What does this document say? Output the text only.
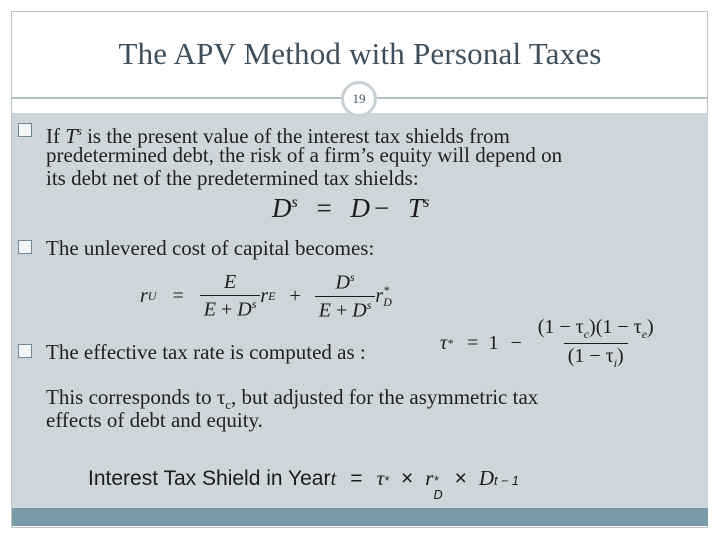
The APV Method with Personal Taxes
19
If $T^s$ is the present value of the interest tax shields from
predetermined debt, the risk of a firm’s equity will depend on
its debt net of the predetermined tax shields:
$D^s = D - T^s$
The unlevered cost of capital becomes:
r $U = \frac{E}{E + D^s}$ r $E + \frac{D^s}{E + D^s}$ r *
D
The effective tax rate is computed as :	τ * = $1 - \frac{(1 - \tau_c)(1 - \tau_e)}{(1 - \tau_i)}$
This corresponds to $\tau_c$, but adjusted for the asymmetric tax
effects of debt and equity.
Interest Tax Shield in Year t = τ * × r *
D
× D t − 1
